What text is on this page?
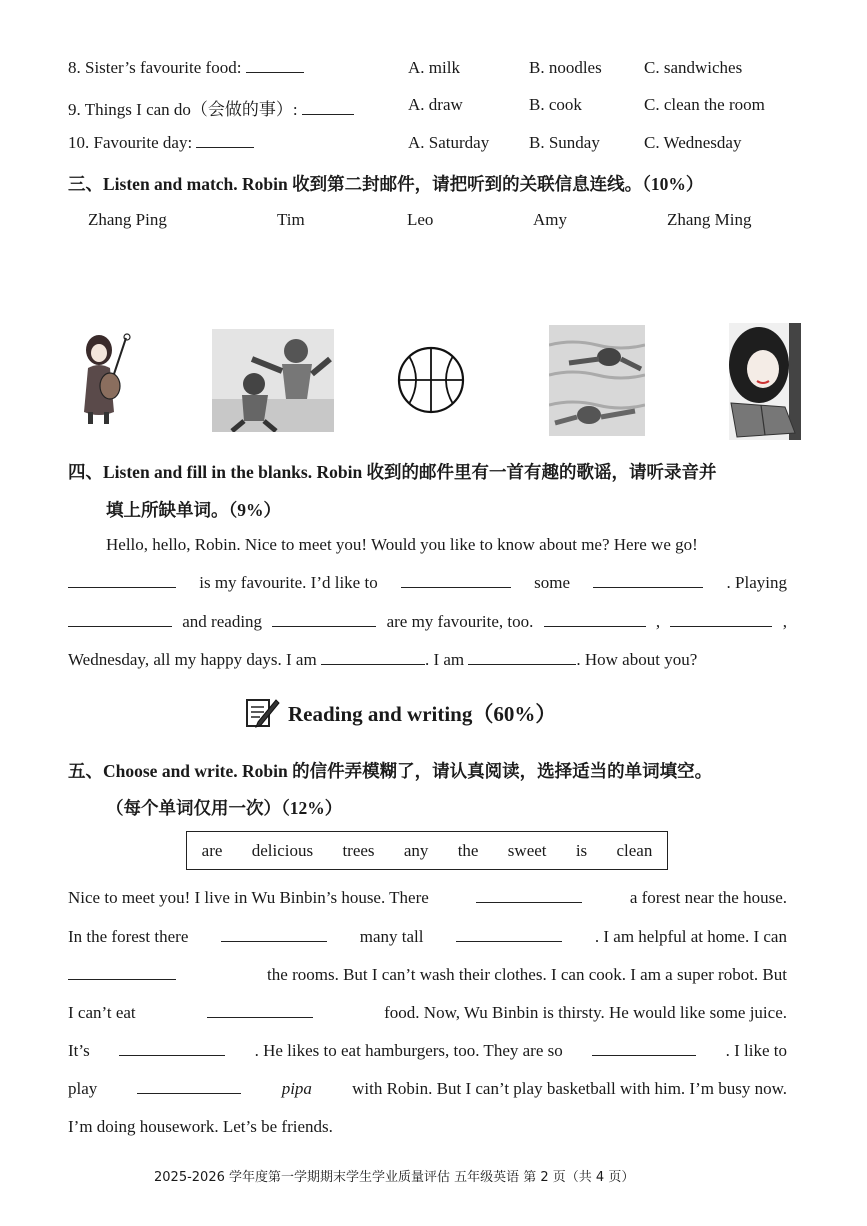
8. Sister’s favourite food:	A. milk	B. noodles C. sandwiches
9. Things I can do（会做的事）:	A. draw	B. cook	C. clean the room
10. Favourite day:	A. Saturday B. Sunday	C. Wednesday
三、Listen and match. Robin 收到第二封邮件，请把听到的关联信息连线。（10%）
Zhang Ping	Tim	Leo	Amy	Zhang Ming
四、Listen and fill in the blanks. Robin 收到的邮件里有一首有趣的歌谣，请听录音并
填上所缺单词。（9%）
Hello, hello, Robin. Nice to meet you! Would you like to know about me? Here we go!
is my favourite. I’d like to	some	. Playing
and reading	are my favourite, too.	,	,
Wednesday, all my happy days. I am	. I am	. How about you?
Reading and writing（60%）
五、Choose and write. Robin 的信件弄模糊了，请认真阅读，选择适当的单词填空。
（每个单词仅用一次）（12%）
are delicious trees any the sweet is clean
Nice to meet you! I live in Wu Binbin’s house. There	a forest near the house.
In the forest there	many tall	. I am helpful at home. I can
the rooms. But I can’t wash their clothes. I can cook. I am a super robot. But
I can’t eat	food. Now, Wu Binbin is thirsty. He would like some juice.
It’s	. He likes to eat hamburgers, too. They are so	. I like to
play	pipa with Robin. But I can’t play basketball with him. I’m busy now.
I’m doing housework. Let’s be friends.
2025-2026 学年度第一学期期末学生学业质量评估 五年级英语 第 2 页（共 4 页）
